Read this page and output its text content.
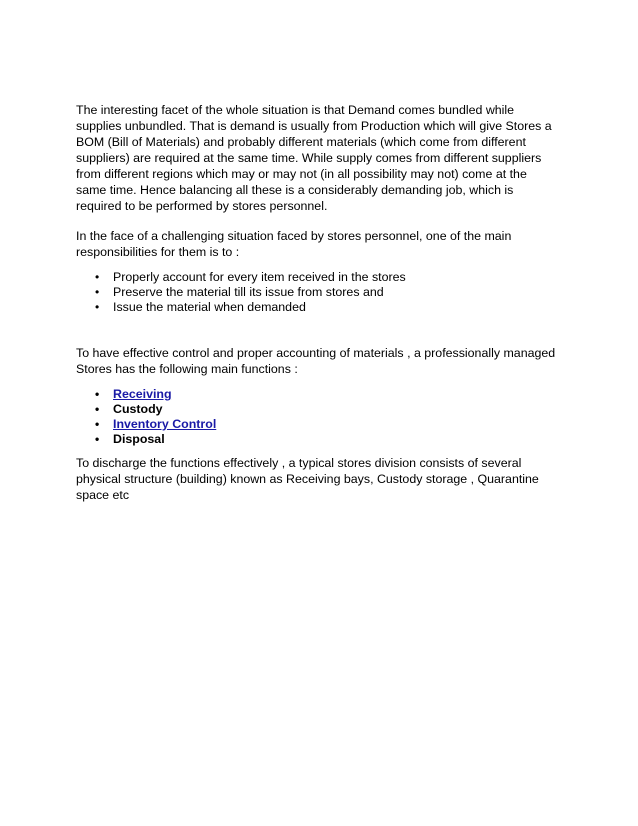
The interesting facet of the whole situation is that Demand comes bundled while
supplies unbundled. That is demand is usually from Production which will give Stores a
BOM (Bill of Materials) and probably different materials (which come from different
suppliers) are required at the same time. While supply comes from different suppliers
from different regions which may or may not (in all possibility may not) come at the
same time. Hence balancing all these is a considerably demanding job, which is
required to be performed by stores personnel.

In the face of a challenging situation faced by stores personnel, one of the main
responsibilities for them is to :

• Properly account for every item received in the stores
• Preserve the material till its issue from stores and
• Issue the material when demanded

To have effective control and proper accounting of materials , a professionally managed
Stores has the following main functions :

• Receiving
• Custody
• Inventory Control
• Disposal

To discharge the functions effectively , a typical stores division consists of several
physical structure (building) known as Receiving bays, Custody storage , Quarantine
space etc
